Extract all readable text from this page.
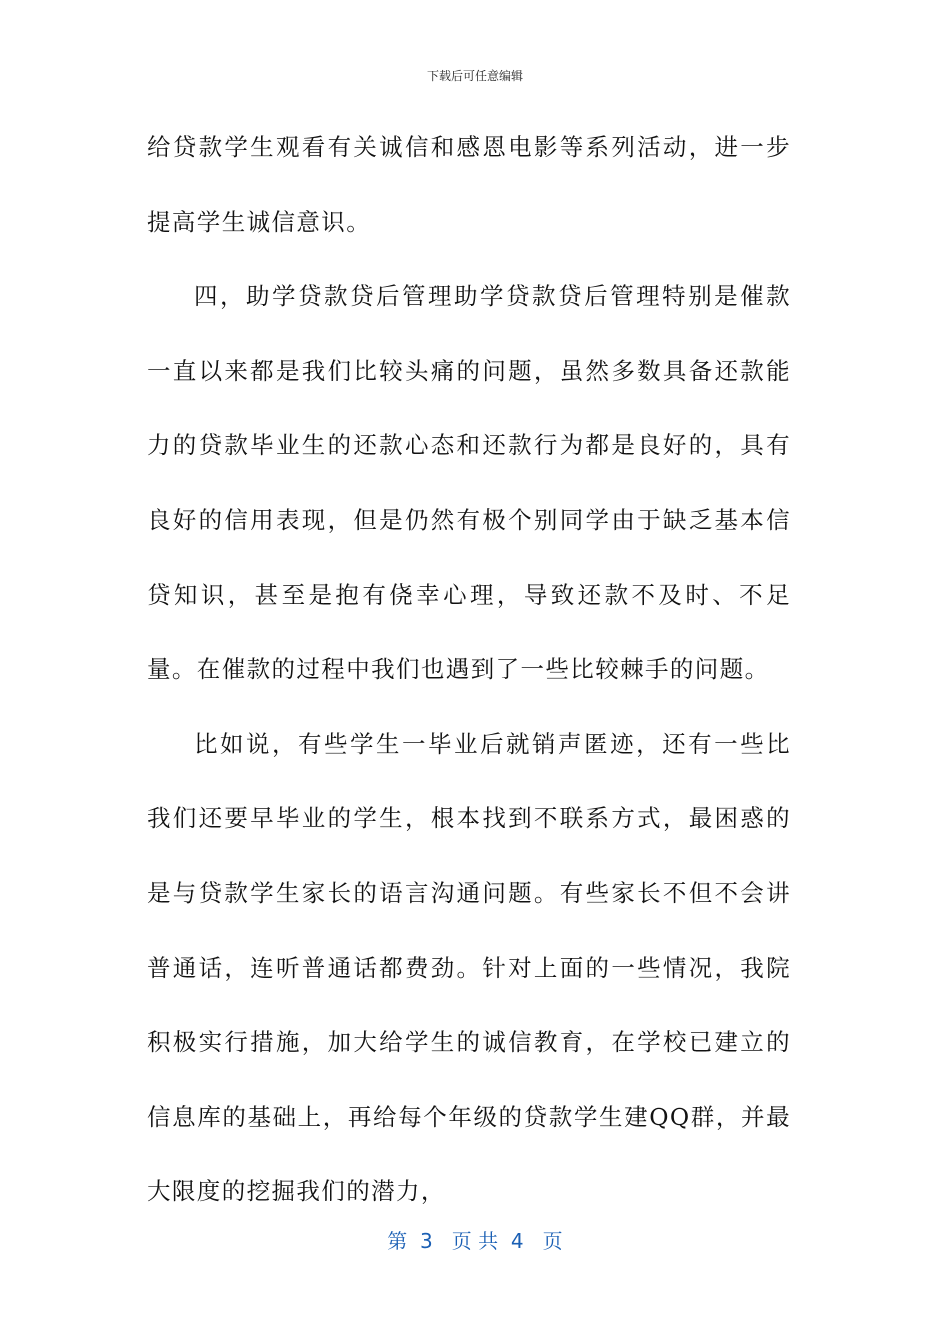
下载后可任意编辑

给贷款学生观看有关诚信和感恩电影等系列活动，进一步提高学生诚信意识。

四，助学贷款贷后管理助学贷款贷后管理特别是催款一直以来都是我们比较头痛的问题，虽然多数具备还款能力的贷款毕业生的还款心态和还款行为都是良好的，具有良好的信用表现，但是仍然有极个别同学由于缺乏基本信贷知识，甚至是抱有侥幸心理，导致还款不及时、不足量。在催款的过程中我们也遇到了一些比较棘手的问题。

比如说，有些学生一毕业后就销声匿迹，还有一些比我们还要早毕业的学生，根本找到不联系方式，最困惑的是与贷款学生家长的语言沟通问题。有些家长不但不会讲普通话，连听普通话都费劲。针对上面的一些情况，我院积极实行措施，加大给学生的诚信教育，在学校已建立的信息库的基础上，再给每个年级的贷款学生建QQ群，并最大限度的挖掘我们的潜力，

第  3   页 共  4   页
